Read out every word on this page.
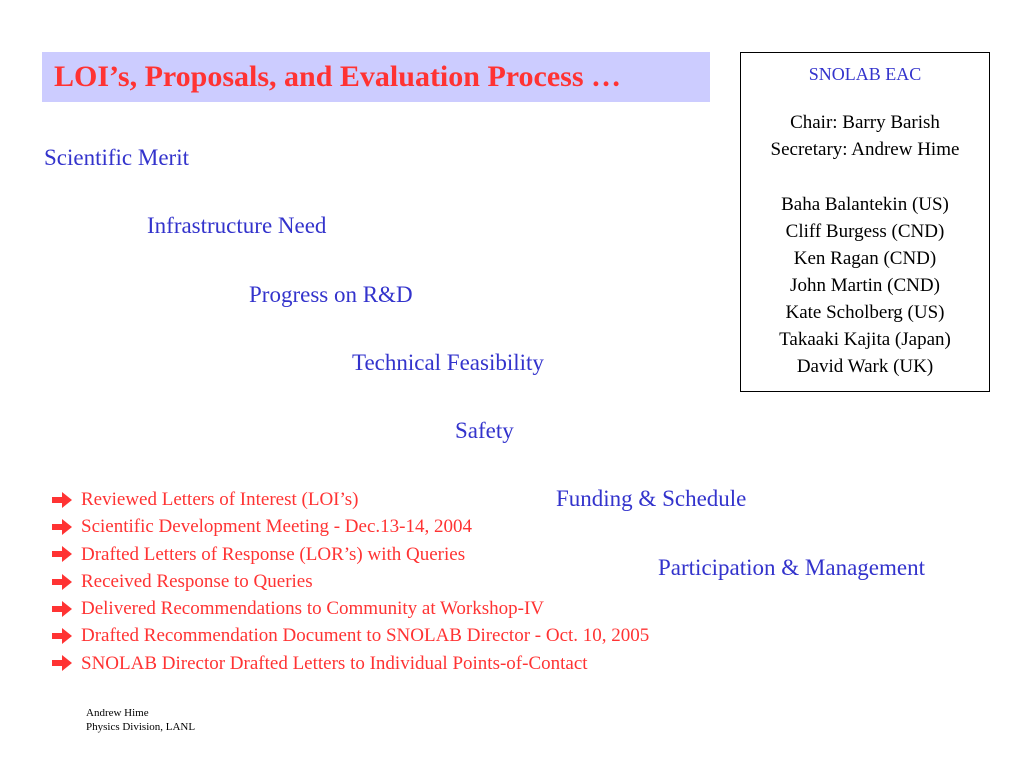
LOI’s, Proposals, and Evaluation Process …	SNOLAB EAC
Chair: Barry Barish
Secretary: Andrew Hime
Baha Balantekin (US)
Cliff Burgess (CND)
Ken Ragan (CND)
John Martin (CND)
Kate Scholberg (US)
Takaaki Kajita (Japan)
David Wark (UK)
Scientific Merit
Infrastructure Need
Progress on R&D
Technical Feasibility
Safety
Funding & Schedule
Participation & Management
Reviewed Letters of Interest (LOI’s)
Scientific Development Meeting - Dec.13-14, 2004
Drafted Letters of Response (LOR’s) with Queries
Received Response to Queries
Delivered Recommendations to Community at Workshop-IV
Drafted Recommendation Document to SNOLAB Director - Oct. 10, 2005
SNOLAB Director Drafted Letters to Individual Points-of-Contact
Andrew Hime
Physics Division, LANL
